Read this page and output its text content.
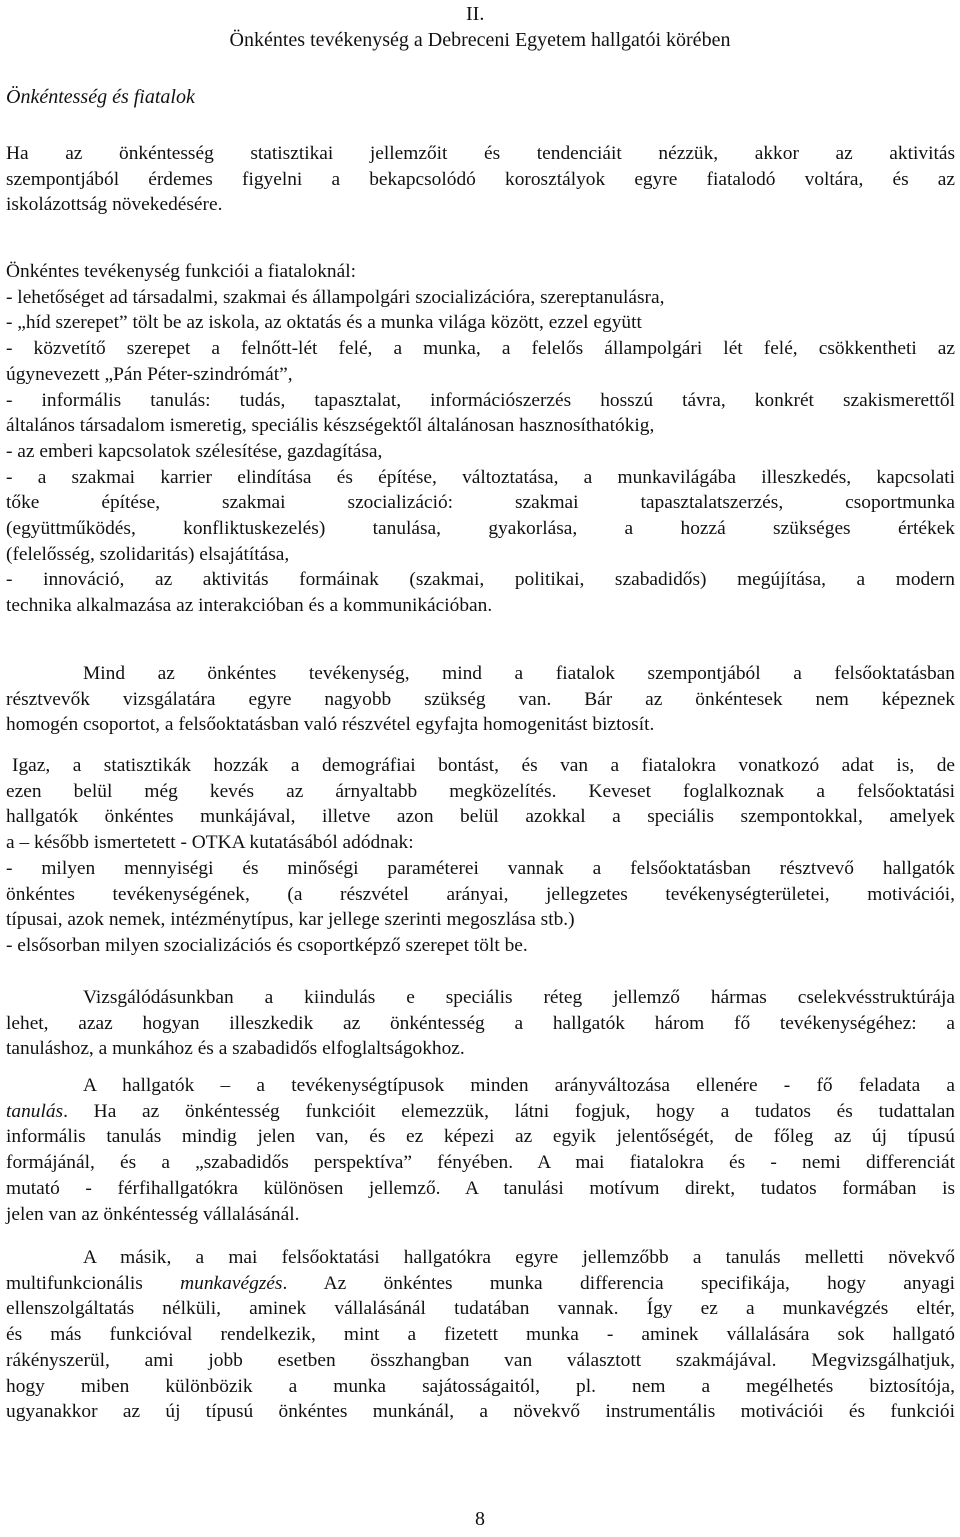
II.
Önkéntes tevékenység a Debreceni Egyetem hallgatói körében
Önkéntesség és fiatalok
Ha az önkéntesség statisztikai jellemzőit és tendenciáit nézzük, akkor az aktivitás
szempontjából érdemes figyelni a bekapcsolódó korosztályok egyre fiatalodó voltára, és az
iskolázottság növekedésére.
Önkéntes tevékenység funkciói a fiataloknál:
- lehetőséget ad társadalmi, szakmai és állampolgári szocializációra, szereptanulásra,
- „híd szerepet” tölt be az iskola, az oktatás és a munka világa között, ezzel együtt
- közvetítő szerepet a felnőtt-lét felé, a munka, a felelős állampolgári lét felé, csökkentheti az
úgynevezett „Pán Péter-szindrómát”,
- informális tanulás: tudás, tapasztalat, információszerzés hosszú távra, konkrét szakismerettől
általános társadalom ismeretig, speciális készségektől általánosan hasznosíthatókig,
- az emberi kapcsolatok szélesítése, gazdagítása,
- a szakmai karrier elindítása és építése, változtatása, a munkavilágába illeszkedés, kapcsolati
tőke építése, szakmai szocializáció: szakmai tapasztalatszerzés, csoportmunka
(együttműködés, konfliktuskezelés) tanulása, gyakorlása, a hozzá szükséges értékek
(felelősség, szolidaritás) elsajátítása,
- innováció, az aktivitás formáinak (szakmai, politikai, szabadidős) megújítása, a modern
technika alkalmazása az interakcióban és a kommunikációban.
Mind az önkéntes tevékenység, mind a fiatalok szempontjából a felsőoktatásban
résztvevők vizsgálatára egyre nagyobb szükség van. Bár az önkéntesek nem képeznek
homogén csoportot, a felsőoktatásban való részvétel egyfajta homogenitást biztosít.
Igaz, a statisztikák hozzák a demográfiai bontást, és van a fiatalokra vonatkozó adat is, de
ezen belül még kevés az árnyaltabb megközelítés. Keveset foglalkoznak a felsőoktatási
hallgatók önkéntes munkájával, illetve azon belül azokkal a speciális szempontokkal, amelyek
a – később ismertetett - OTKA kutatásából adódnak:
- milyen mennyiségi és minőségi paraméterei vannak a felsőoktatásban résztvevő hallgatók
önkéntes tevékenységének, (a részvétel arányai, jellegzetes tevékenységterületei, motivációi,
típusai, azok nemek, intézménytípus, kar jellege szerinti megoszlása stb.)
- elsősorban milyen szocializációs és csoportképző szerepet tölt be.
Vizsgálódásunkban a kiindulás e speciális réteg jellemző hármas cselekvésstruktúrája
lehet, azaz hogyan illeszkedik az önkéntesség a hallgatók három fő tevékenységéhez: a
tanuláshoz, a munkához és a szabadidős elfoglaltságokhoz.
A hallgatók – a tevékenységtípusok minden arányváltozása ellenére - fő feladata a
tanulás. Ha az önkéntesség funkcióit elemezzük, látni fogjuk, hogy a tudatos és tudattalan
informális tanulás mindig jelen van, és ez képezi az egyik jelentőségét, de főleg az új típusú
formájánál, és a „szabadidős perspektíva” fényében. A mai fiatalokra és - nemi differenciát
mutató - férfihallgatókra különösen jellemző. A tanulási motívum direkt, tudatos formában is
jelen van az önkéntesség vállalásánál.
A másik, a mai felsőoktatási hallgatókra egyre jellemzőbb a tanulás melletti növekvő
multifunkcionális munkavégzés. Az önkéntes munka differencia specifikája, hogy anyagi
ellenszolgáltatás nélküli, aminek vállalásánál tudatában vannak. Így ez a munkavégzés eltér,
és más funkcióval rendelkezik, mint a fizetett munka - aminek vállalására sok hallgató
rákényszerül, ami jobb esetben összhangban van választott szakmájával. Megvizsgálhatjuk,
hogy miben különbözik a munka sajátosságaitól, pl. nem a megélhetés biztosítója,
ugyanakkor az új típusú önkéntes munkánál, a növekvő instrumentális motivációi és funkciói
8
